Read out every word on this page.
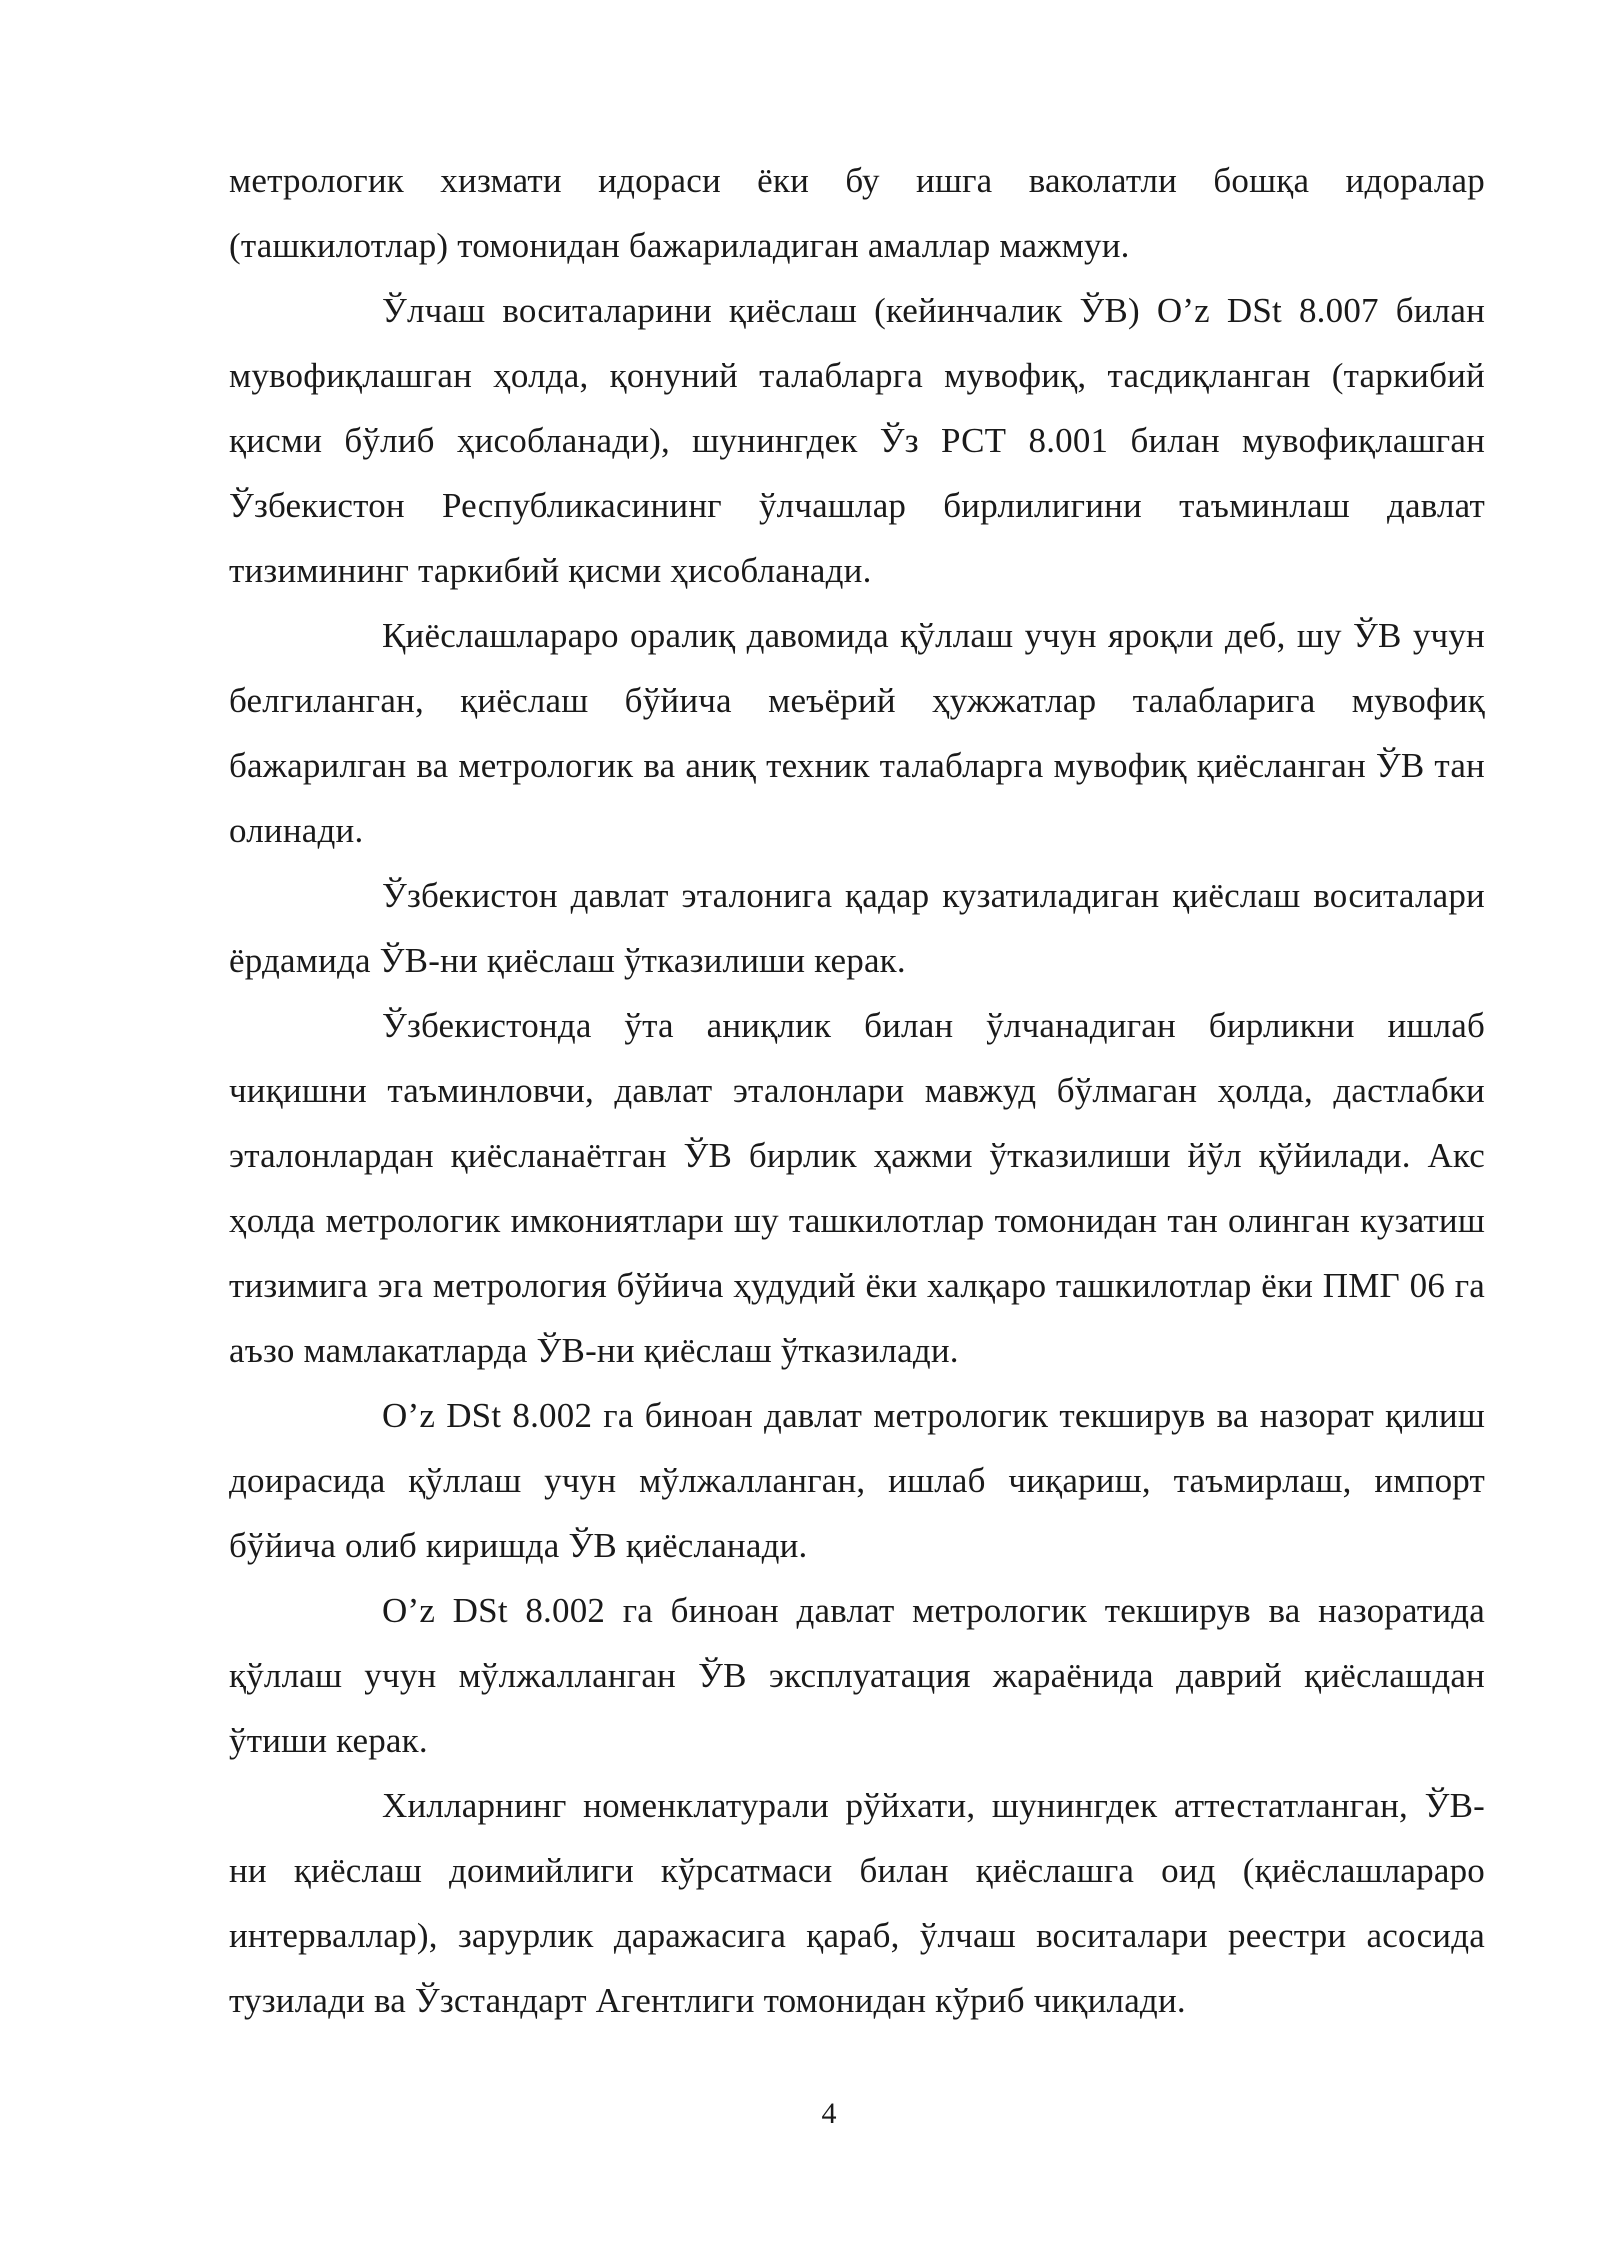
метрологик хизмати идораси ёки бу ишга ваколатли бошқа идоралар (ташкилотлар) томонидан бажариладиган амаллар мажмуи.

Ўлчаш воситаларини қиёслаш (кейинчалик ЎВ) O’z DSt 8.007 билан мувофиқлашган ҳолда, қонуний талабларга мувофиқ, тасдиқланган (таркибий қисми бўлиб ҳисобланади), шунингдек Ўз РСТ 8.001 билан мувофиқлашган Ўзбекистон Республикасининг ўлчашлар бирлилигини таъминлаш давлат тизимининг таркибий қисми ҳисобланади.

Қиёслашлараро оралиқ давомида қўллаш учун яроқли деб, шу ЎВ учун белгиланган, қиёслаш бўйича меъёрий ҳужжатлар талабларига мувофиқ бажарилган ва метрологик ва аниқ техник талабларга мувофиқ қиёсланган ЎВ тан олинади.

Ўзбекистон давлат эталонига қадар кузатиладиган қиёслаш воситалари ёрдамида ЎВ-ни қиёслаш ўтказилиши керак.

Ўзбекистонда ўта аниқлик билан ўлчанадиган бирликни ишлаб чиқишни таъминловчи, давлат эталонлари мавжуд бўлмаган ҳолда, дастлабки эталонлардан қиёсланаётган ЎВ бирлик ҳажми ўтказилиши йўл қўйилади. Акс ҳолда метрологик имкониятлари шу ташкилотлар томонидан тан олинган кузатиш тизимига эга метрология бўйича ҳудудий ёки халқаро ташкилотлар ёки ПМГ 06 га аъзо мамлакатларда ЎВ-ни қиёслаш ўтказилади.

O’z DSt 8.002 га биноан давлат метрологик текширув ва назорат қилиш доирасида қўллаш учун мўлжалланган, ишлаб чиқариш, таъмирлаш, импорт бўйича олиб киришда ЎВ қиёсланади.

O’z DSt 8.002 га биноан давлат метрологик текширув ва назоратида қўллаш учун мўлжалланган ЎВ эксплуатация жараёнида даврий қиёслашдан ўтиши керак.

Хилларнинг номенклатурали рўйхати, шунингдек аттестатланган, ЎВ- ни қиёслаш доимийлиги кўрсатмаси билан қиёслашга оид (қиёслашлараро интерваллар), зарурлик даражасига қараб, ўлчаш воситалари реестри асосида тузилади ва Ўзстандарт Агентлиги томонидан кўриб чиқилади.

4
